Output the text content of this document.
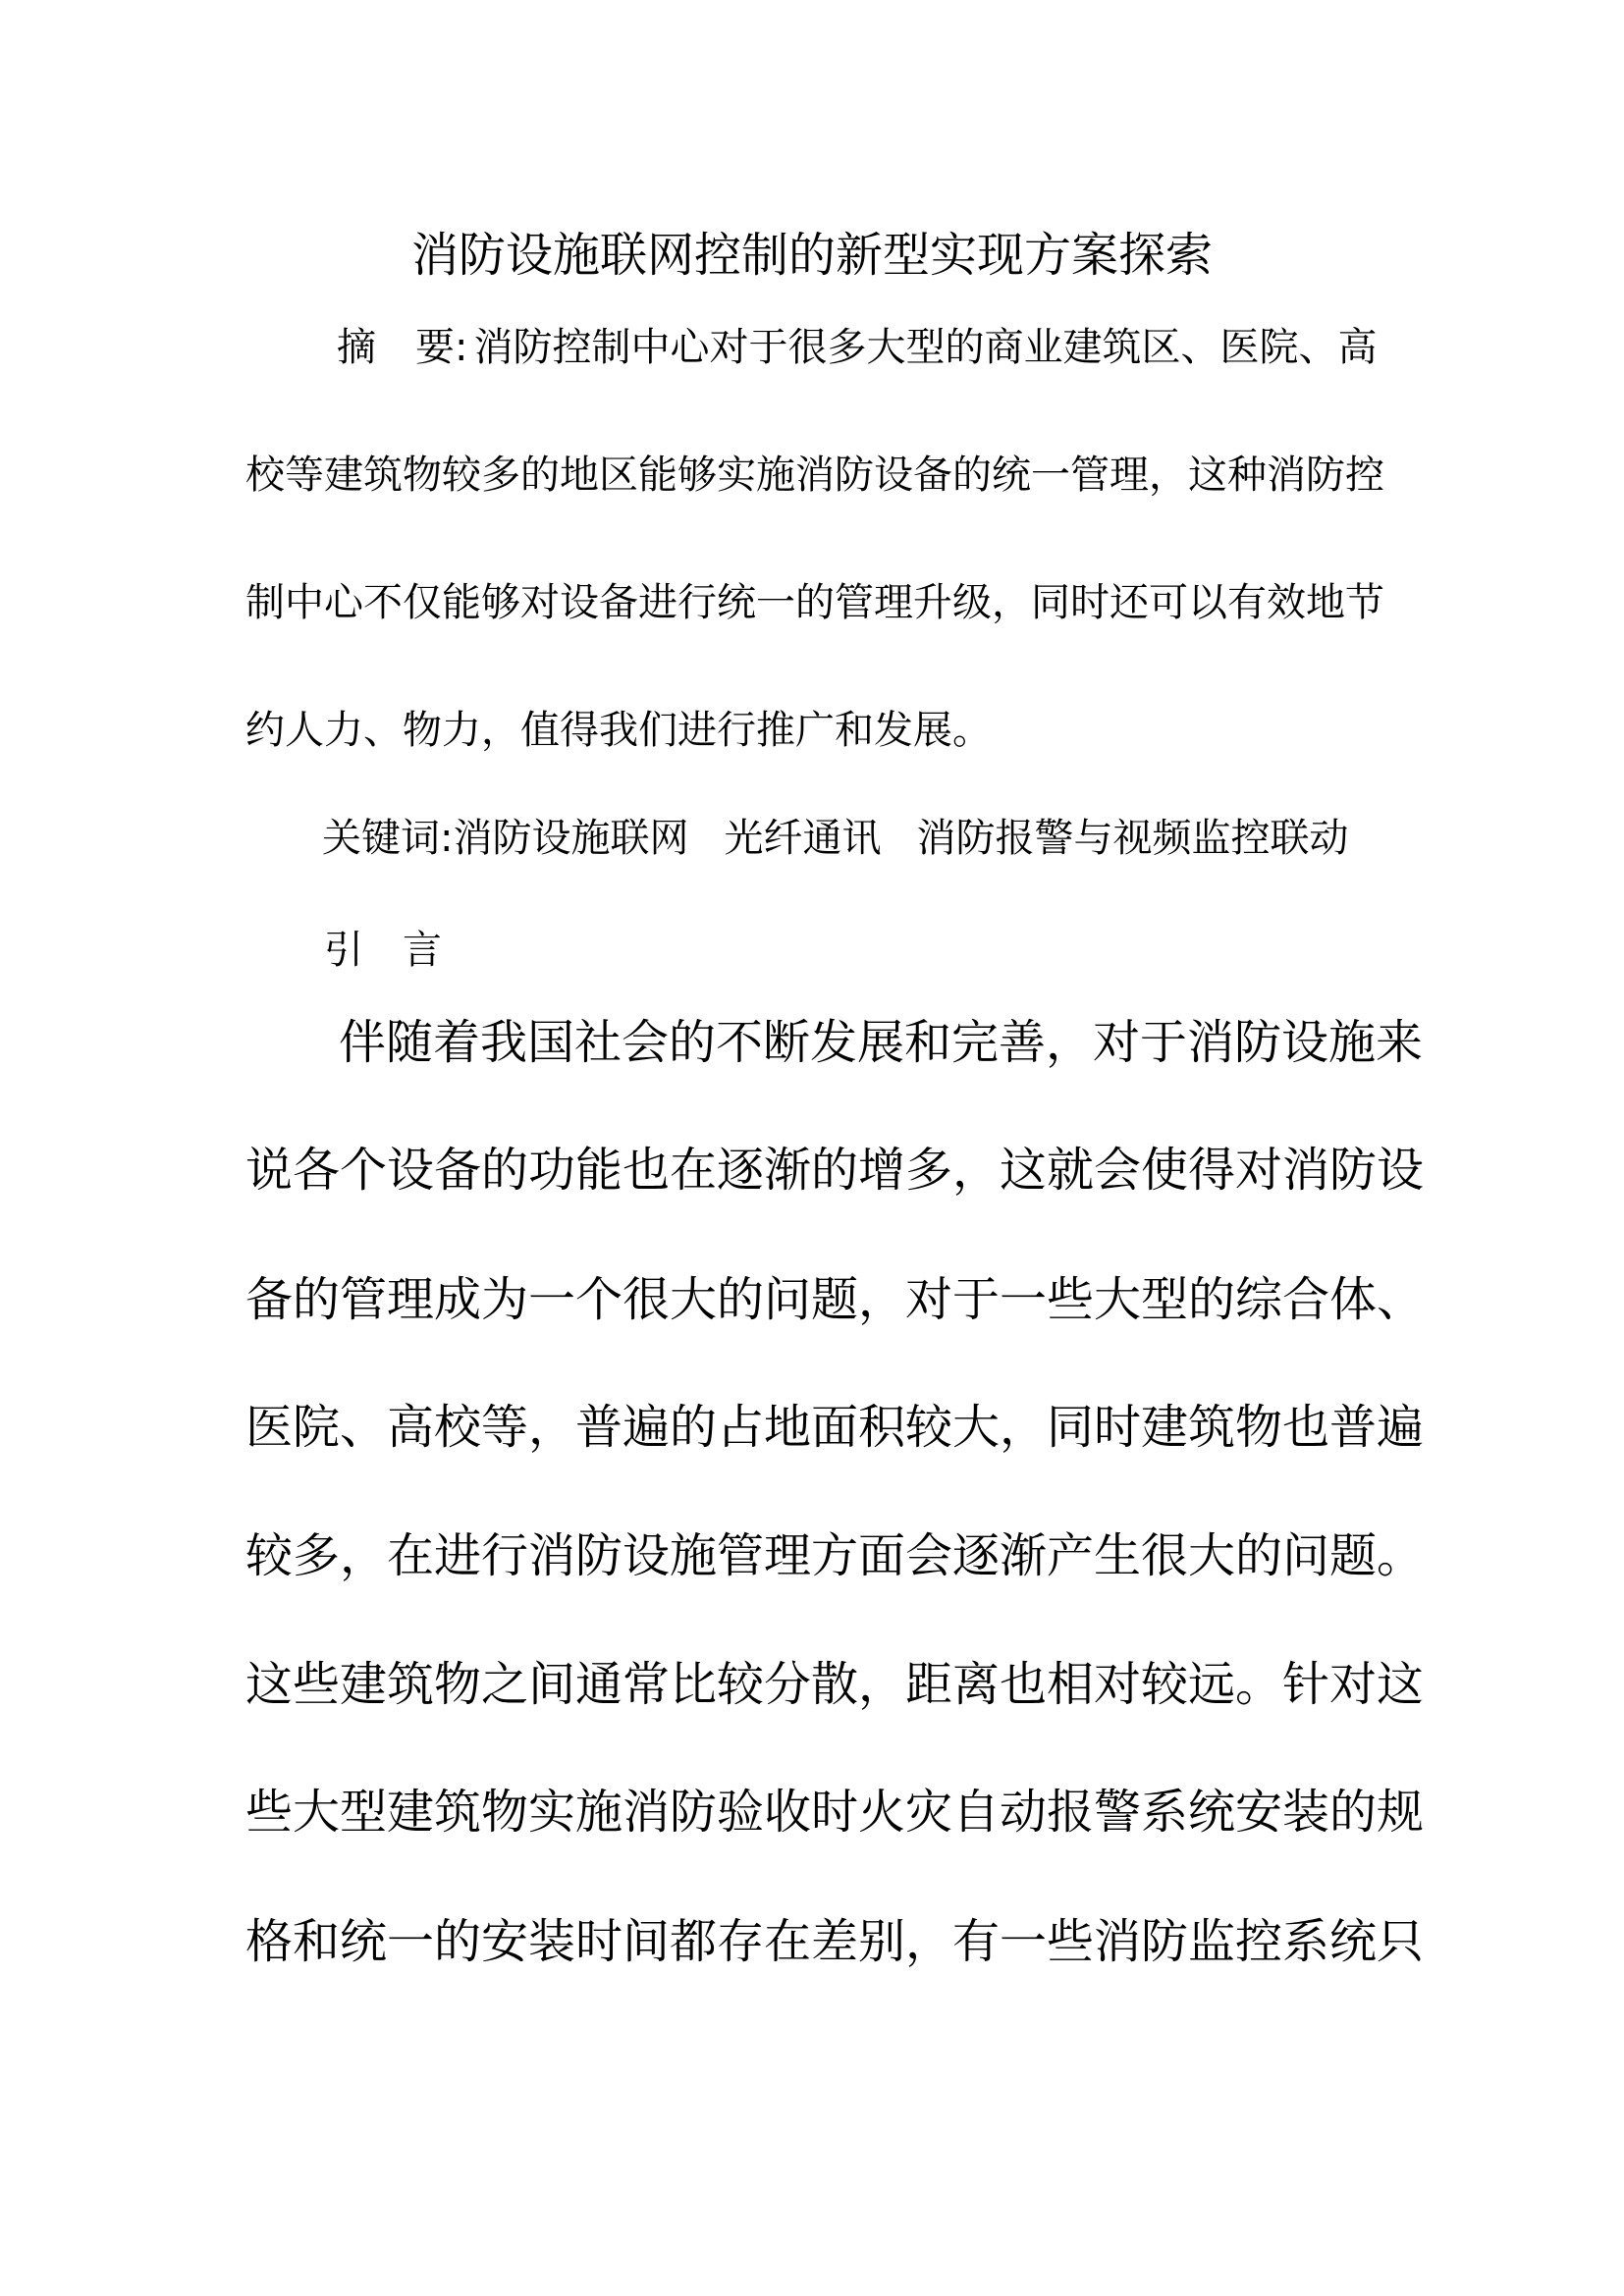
消防设施联网控制的新型实现方案探索
摘 要: 消防控制中心对于很多大型的商业建筑区、医院、高
校等建筑物较多的地区能够实施消防设备的统一管理，这种消防控
制中心不仅能够对设备进行统一的管理升级，同时还可以有效地节
约人力、物力，值得我们进行推广和发展。
关键词:消防设施联网 光纤通讯 消防报警与视频监控联动
引 言
伴随着我国社会的不断发展和完善，对于消防设施来
说各个设备的功能也在逐渐的增多，这就会使得对消防设
备的管理成为一个很大的问题，对于一些大型的综合体、
医院、高校等，普遍的占地面积较大，同时建筑物也普遍
较多，在进行消防设施管理方面会逐渐产生很大的问题。
这些建筑物之间通常比较分散，距离也相对较远。针对这
些大型建筑物实施消防验收时火灾自动报警系统安装的规
格和统一的安装时间都存在差别，有一些消防监控系统只
